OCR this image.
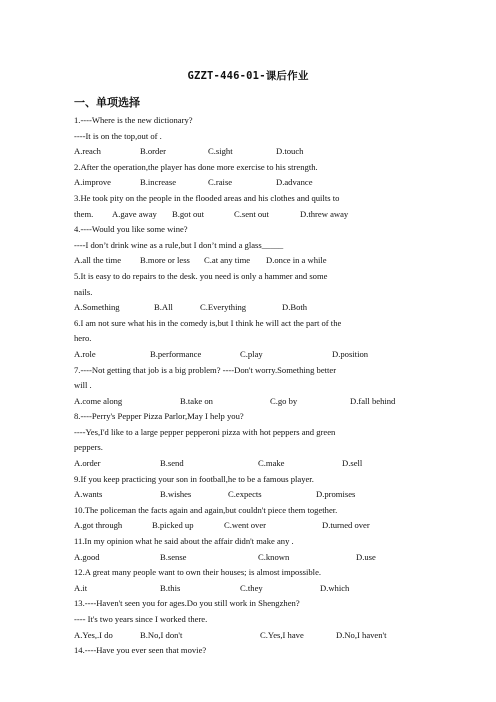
GZZT-446-01-课后作业
一、单项选择
1.----Where is the new dictionary?
----It is on the top,out of .
A.reach	B.order	C.sight	D.touch
2.After the operation,the player has done more exercise to his strength.
A.improve	B.increase	C.raise	D.advance
3.He took pity on the people in the flooded areas and his clothes and quilts to
them. A.gave away B.got out	C.sent out	D.threw away
4.----Would you like some wine?
----I don’t drink wine as a rule,but I don’t mind a glass_____
A.all the time B.more or less C.at any time D.once in a while
5.It is easy to do repairs to the desk. you need is only a hammer and some
nails.
A.Something	B.All	C.Everything	D.Both
6.I am not sure what his in the comedy is,but I think he will act the part of the
hero.
A.role	B.performance	C.play	D.position
7.----Not getting that job is a big problem? ----Don't worry.Something better
will .
A.come along	B.take on	C.go by	D.fall behind
8.----Perry's Pepper Pizza Parlor,May I help you?
----Yes,I'd like to a large pepper pepperoni pizza with hot peppers and green
peppers.
A.order	B.send	C.make	D.sell
9.If you keep practicing your son in football,he to be a famous player.
A.wants	B.wishes	C.expects	D.promises
10.The policeman the facts again and again,but couldn't piece them together.
A.got through	B.picked up	C.went over	D.turned over
11.In my opinion what he said about the affair didn't make any .
A.good	B.sense	C.known	D.use
12.A great many people want to own their houses; is almost impossible.
A.it	B.this	C.they	D.which
13.----Haven't seen you for ages.Do you still work in Shengzhen?
---- It's two years since I worked there.
A.Yes,.I do	B.No,I don't	C.Yes,I have	D.No,I haven't
14.----Have you ever seen that movie?
